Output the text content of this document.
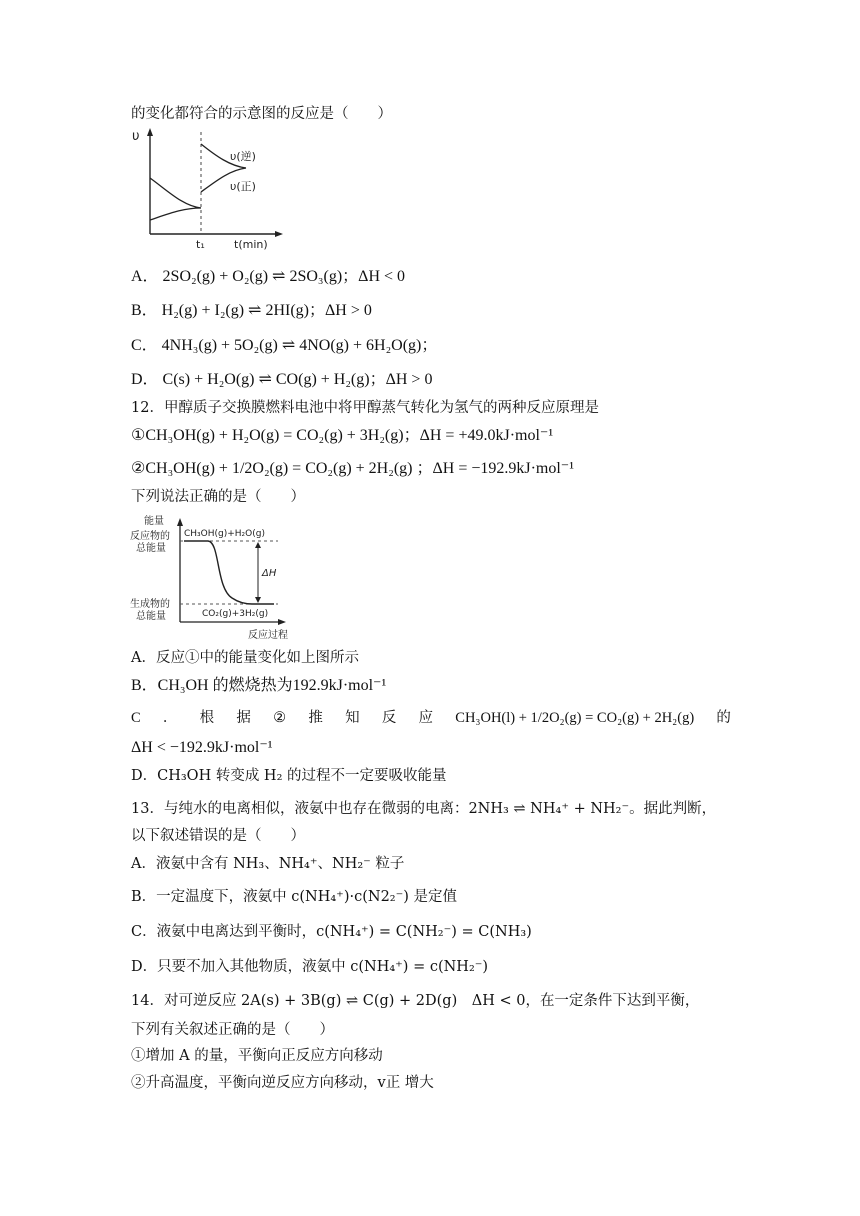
的变化都符合的示意图的反应是（　　）
υ
υ(逆)
υ(正)
t₁	t(min)
A． 2SO₂(g) + O₂(g) ⇌ 2SO₃(g)；ΔH < 0
B． H₂(g) + I₂(g) ⇌ 2HI(g)；ΔH > 0
C． 4NH₃(g) + 5O₂(g) ⇌ 4NO(g) + 6H₂O(g)；
D． C(s) + H₂O(g) ⇌ CO(g) + H₂(g)；ΔH > 0
12．甲醇质子交换膜燃料电池中将甲醇蒸气转化为氢气的两种反应原理是
①CH₃OH(g) + H₂O(g) = CO₂(g) + 3H₂(g)；ΔH = +49.0kJ·mol⁻¹
②CH₃OH(g) + 1/2O₂(g) = CO₂(g) + 2H₂(g) ；ΔH = −192.9kJ·mol⁻¹
下列说法正确的是（　　）
能量
反应物的
总能量
生成物的
总能量
CH₃OH(g)+H₂O(g)
CO₂(g)+3H₂(g)
ΔH
反应过程
A．反应①中的能量变化如上图所示
B．CH₃OH 的燃烧热为192.9kJ·mol⁻¹
C ． 根 据 ② 推 知 反 应 CH₃OH(l) + 1/2O₂(g) = CO₂(g) + 2H₂(g) 的
ΔH < −192.9kJ·mol⁻¹
D．CH₃OH 转变成 H₂ 的过程不一定要吸收能量
13．与纯水的电离相似，液氨中也存在微弱的电离：2NH₃ ⇌ NH₄⁺ + NH₂⁻。据此判断，
以下叙述错误的是（　　）
A．液氨中含有 NH₃、NH₄⁺、NH₂⁻ 粒子
B．一定温度下，液氨中 c(NH₄⁺)·c(N2₂⁻) 是定值
C．液氨中电离达到平衡时，c(NH₄⁺) = C(NH₂⁻) = C(NH₃)
D．只要不加入其他物质，液氨中 c(NH₄⁺) = c(NH₂⁻)
14．对可逆反应 2A(s) + 3B(g) ⇌ C(g) + 2D(g)　ΔH < 0，在一定条件下达到平衡，
下列有关叙述正确的是（　　）
①增加 A 的量，平衡向正反应方向移动
②升高温度，平衡向逆反应方向移动，v正 增大
